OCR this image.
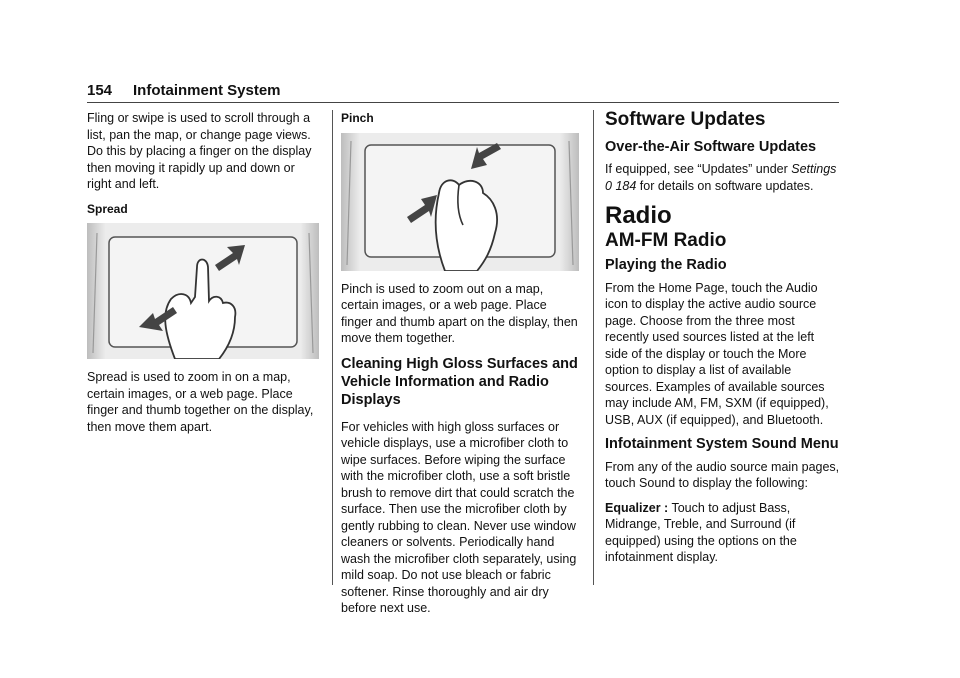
154 Infotainment System

Fling or swipe is used to scroll through a list, pan the map, or change page views. Do this by placing a finger on the display then moving it rapidly up and down or right and left.

Spread

Spread is used to zoom in on a map, certain images, or a web page. Place finger and thumb together on the display, then move them apart.

Pinch

Pinch is used to zoom out on a map, certain images, or a web page. Place finger and thumb apart on the display, then move them together.

Cleaning High Gloss Surfaces and Vehicle Information and Radio Displays

For vehicles with high gloss surfaces or vehicle displays, use a microfiber cloth to wipe surfaces. Before wiping the surface with the microfiber cloth, use a soft bristle brush to remove dirt that could scratch the surface. Then use the microfiber cloth by gently rubbing to clean. Never use window cleaners or solvents. Periodically hand wash the microfiber cloth separately, using mild soap. Do not use bleach or fabric softener. Rinse thoroughly and air dry before next use.

Software Updates
Over-the-Air Software Updates

If equipped, see “Updates” under Settings
0 184 for details on software updates.

Radio
AM-FM Radio
Playing the Radio

From the Home Page, touch the Audio icon to display the active audio source page. Choose from the three most recently used sources listed at the left side of the display or touch the More option to display a list of available sources. Examples of available sources may include AM, FM, SXM (if equipped), USB, AUX (if equipped), and Bluetooth.

Infotainment System Sound Menu

From any of the audio source main pages, touch Sound to display the following:

Equalizer : Touch to adjust Bass, Midrange, Treble, and Surround (if equipped) using the options on the infotainment display.
